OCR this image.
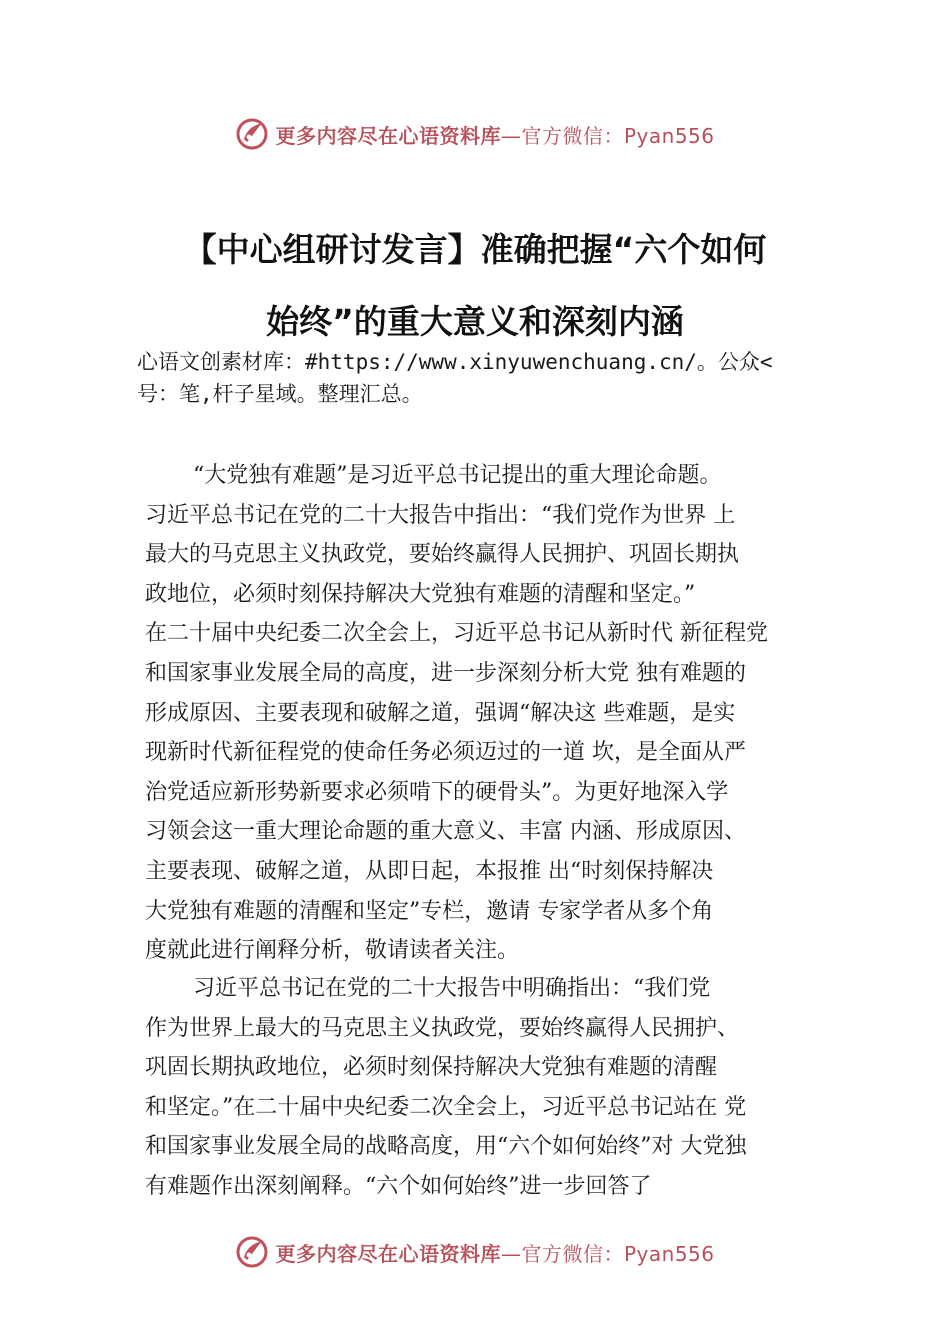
更多内容尽在心语资料库—官方微信：Pyan556
【中心组研讨发言】准确把握“六个如何
始终”的重大意义和深刻内涵
心语文创素材库：#https://www.xinyuwenchuang.cn/。公众<
号：笔,杆子星域。整理汇总。
“大党独有难题”是习近平总书记提出的重大理论命题。
习近平总书记在党的二十大报告中指出：“我们党作为世界 上
最大的马克思主义执政党，要始终赢得人民拥护、巩固长期执
政地位，必须时刻保持解决大党独有难题的清醒和坚定。”
在二十届中央纪委二次全会上，习近平总书记从新时代 新征程党
和国家事业发展全局的高度，进一步深刻分析大党 独有难题的
形成原因、主要表现和破解之道，强调“解决这 些难题，是实
现新时代新征程党的使命任务必须迈过的一道 坎，是全面从严
治党适应新形势新要求必须啃下的硬骨头”。为更好地深入学
习领会这一重大理论命题的重大意义、丰富 内涵、形成原因、
主要表现、破解之道，从即日起，本报推 出“时刻保持解决
大党独有难题的清醒和坚定”专栏，邀请 专家学者从多个角
度就此进行阐释分析，敬请读者关注。
习近平总书记在党的二十大报告中明确指出：“我们党
作为世界上最大的马克思主义执政党，要始终赢得人民拥护、
巩固长期执政地位，必须时刻保持解决大党独有难题的清醒
和坚定。”在二十届中央纪委二次全会上，习近平总书记站在 党
和国家事业发展全局的战略高度，用“六个如何始终”对 大党独
有难题作出深刻阐释。“六个如何始终”进一步回答了
更多内容尽在心语资料库—官方微信：Pyan556
